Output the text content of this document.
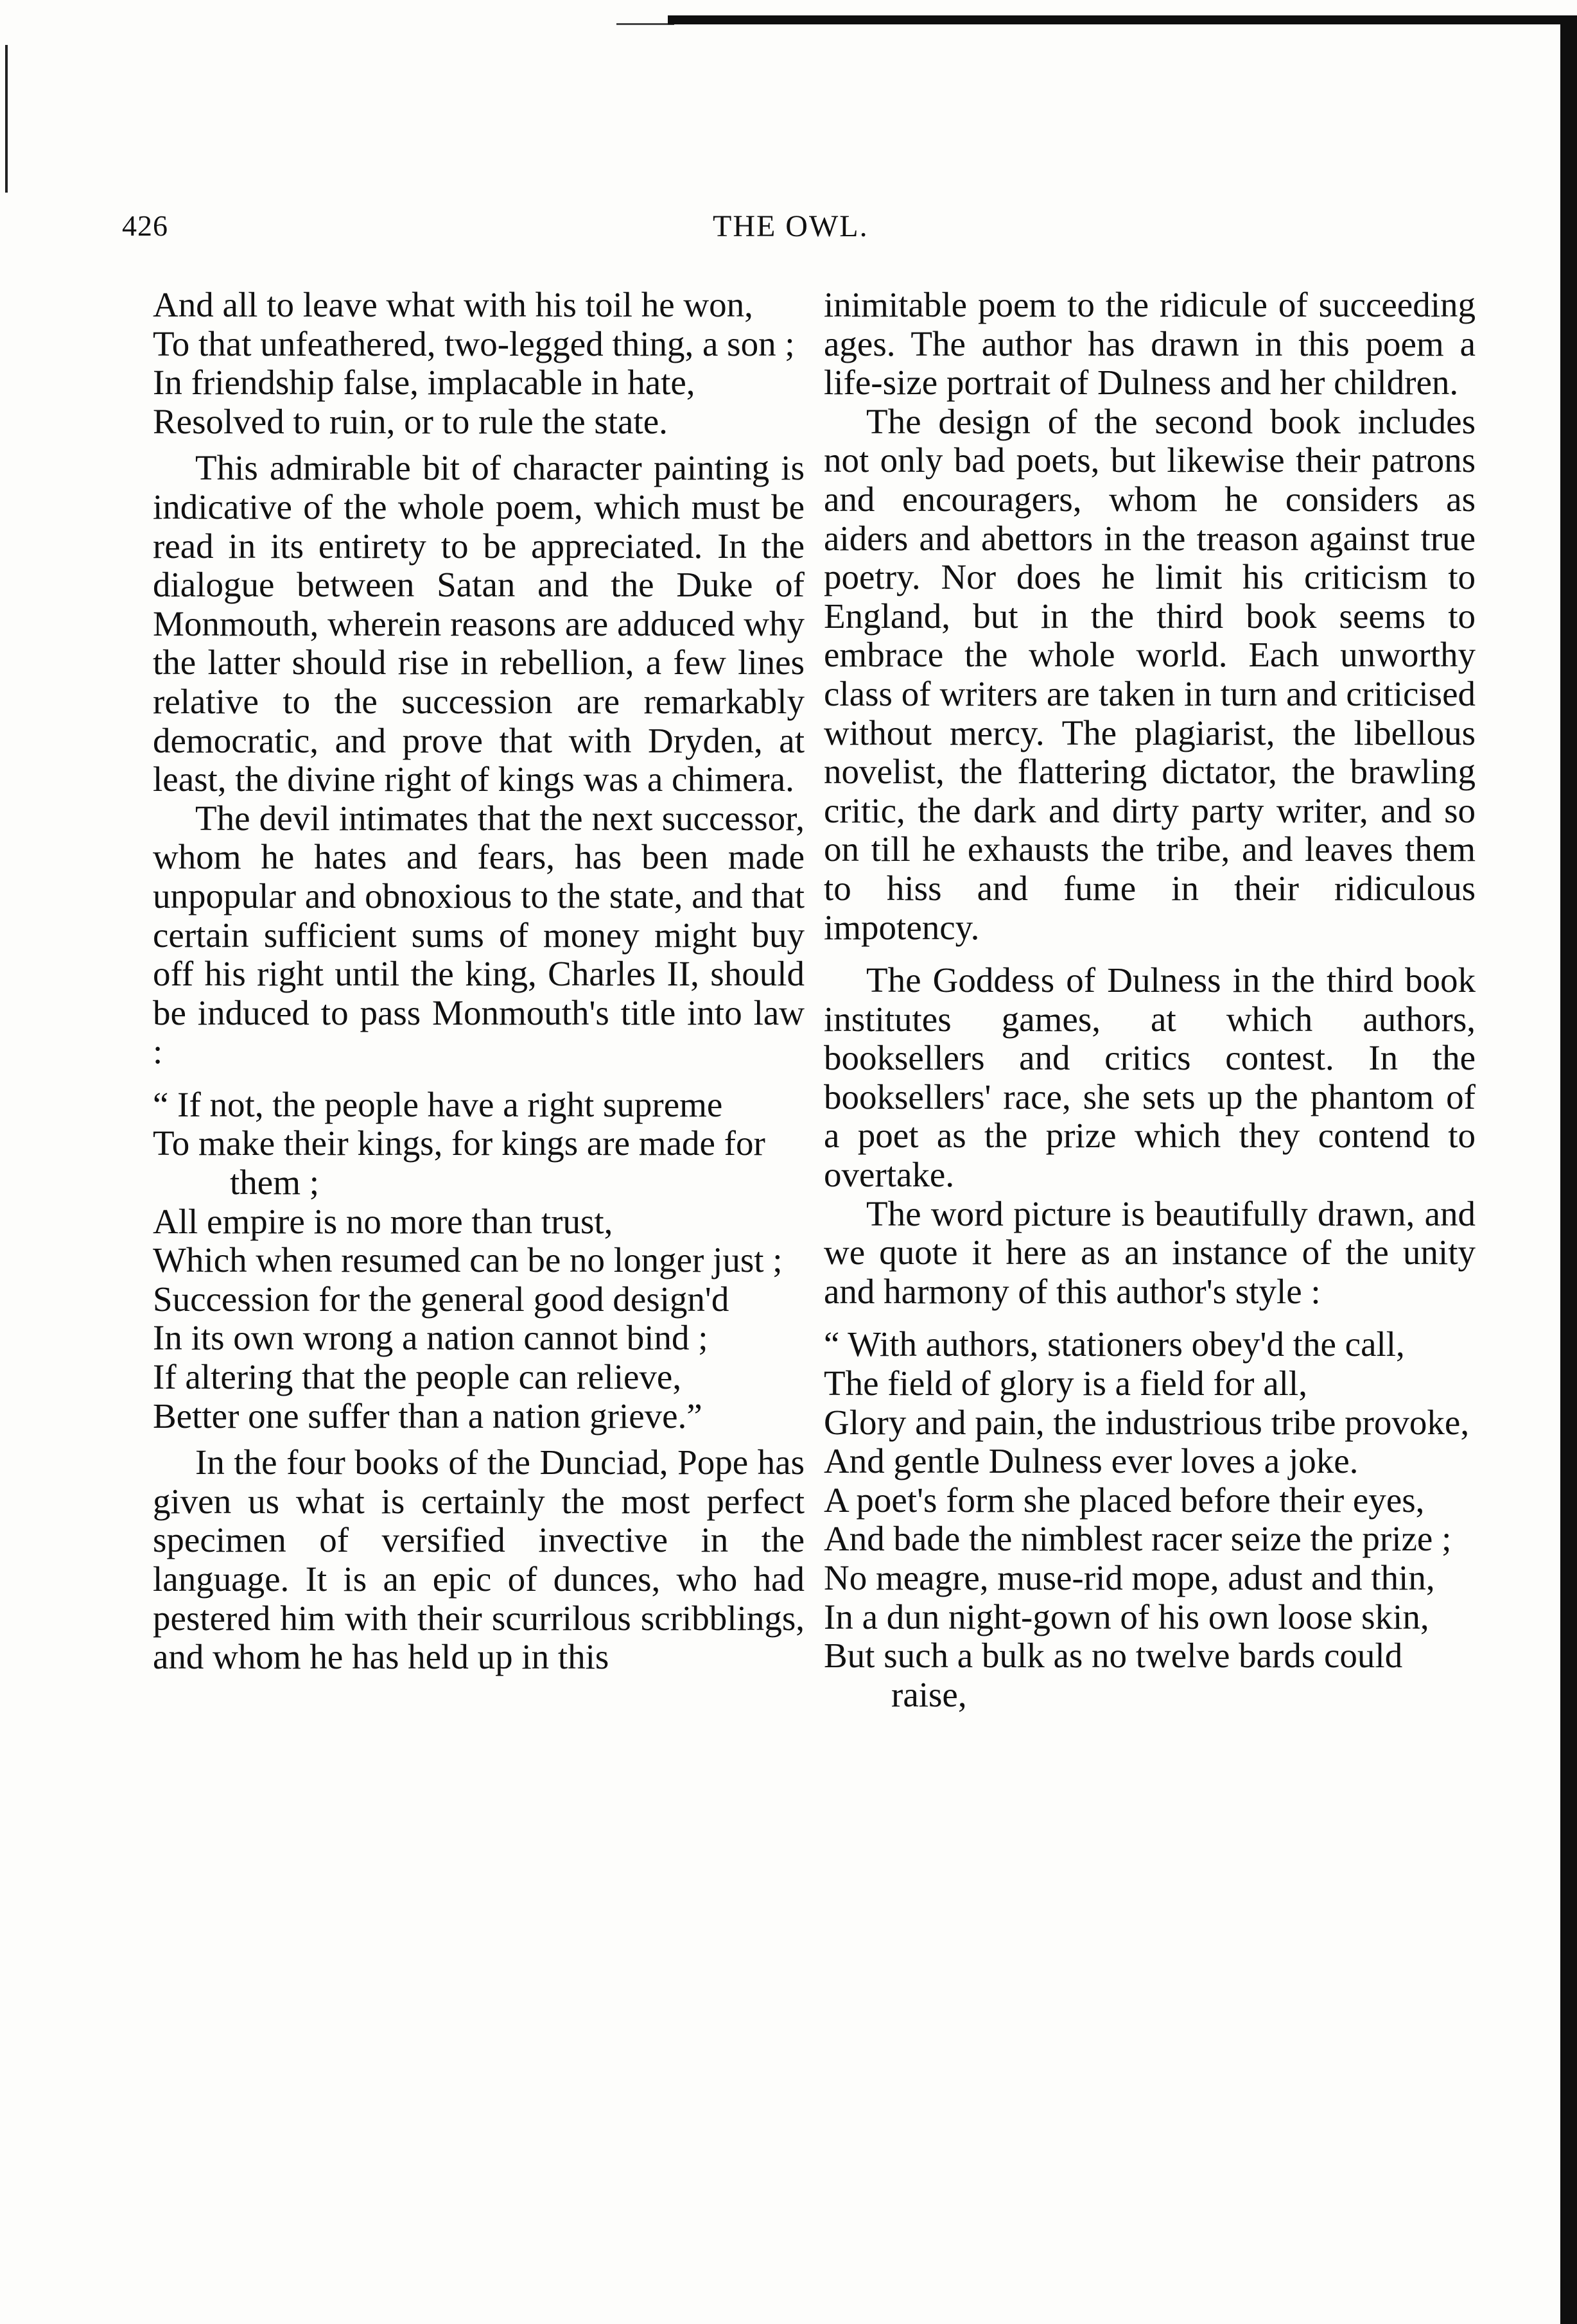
426	THE OWL.
And all to leave what with his toil he won,
To that unfeathered, two-legged thing, a son ;
In friendship false, implacable in hate,
Resolved to ruin, or to rule the state.

This admirable bit of character painting is indicative of the whole poem, which must be read in its entirety to be appreciated. In the dialogue between Satan and the Duke of Monmouth, wherein reasons are adduced why the latter should rise in rebellion, a few lines relative to the succession are remarkably democratic, and prove that with Dryden, at least, the divine right of kings was a chimera.

The devil intimates that the next successor, whom he hates and fears, has been made unpopular and obnoxious to the state, and that certain sufficient sums of money might buy off his right until the king, Charles II, should be induced to pass Monmouth's title into law :

“ If not, the people have a right supreme
To make their kings, for kings are made for them ;
All empire is no more than trust,
Which when resumed can be no longer just ;
Succession for the general good design'd
In its own wrong a nation cannot bind ;
If altering that the people can relieve,
Better one suffer than a nation grieve.”

In the four books of the Dunciad, Pope has given us what is certainly the most perfect specimen of versified invective in the language. It is an epic of dunces, who had pestered him with their scurrilous scribblings, and whom he has held up in this

inimitable poem to the ridicule of succeeding ages. The author has drawn in this poem a life-size portrait of Dulness and her children.

The design of the second book includes not only bad poets, but likewise their patrons and encouragers, whom he considers as aiders and abettors in the treason against true poetry. Nor does he limit his criticism to England, but in the third book seems to embrace the whole world. Each unworthy class of writers are taken in turn and criticised without mercy. The plagiarist, the libellous novelist, the flattering dictator, the brawling critic, the dark and dirty party writer, and so on till he exhausts the tribe, and leaves them to hiss and fume in their ridiculous impotency.

The Goddess of Dulness in the third book institutes games, at which authors, booksellers and critics contest. In the booksellers' race, she sets up the phantom of a poet as the prize which they contend to overtake.

The word picture is beautifully drawn, and we quote it here as an instance of the unity and harmony of this author's style :

“ With authors, stationers obey'd the call,
The field of glory is a field for all,
Glory and pain, the industrious tribe provoke,
And gentle Dulness ever loves a joke.
A poet's form she placed before their eyes,
And bade the nimblest racer seize the prize ;
No meagre, muse-rid mope, adust and thin,
In a dun night-gown of his own loose skin,
But such a bulk as no twelve bards could raise,
